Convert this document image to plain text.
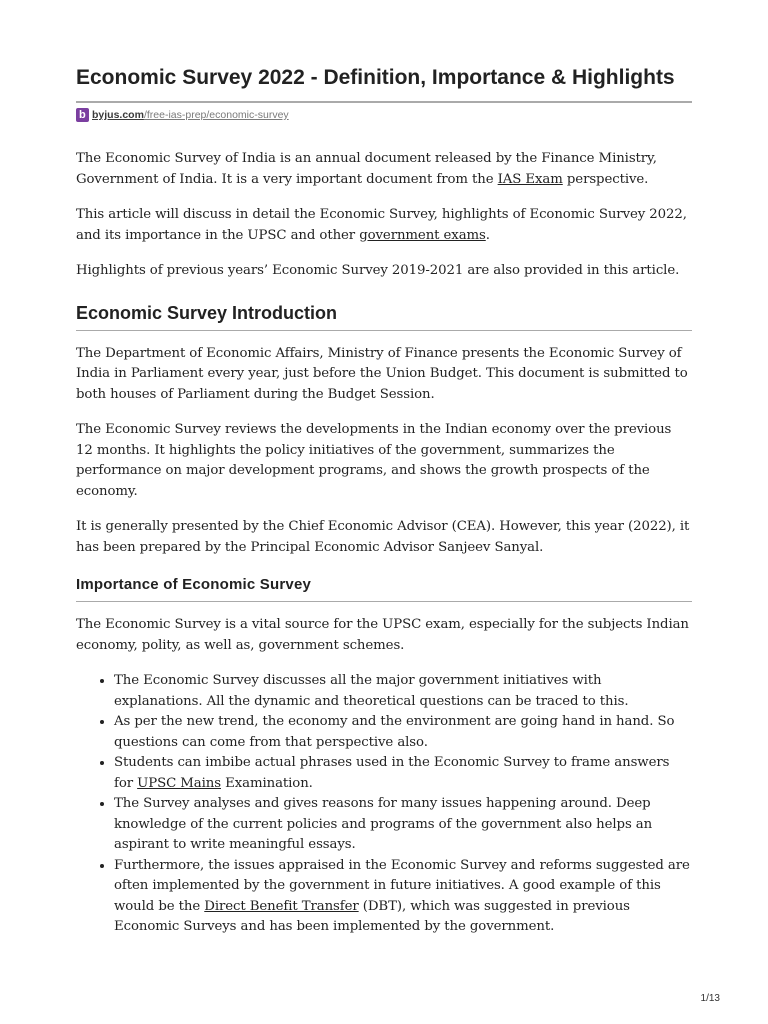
Economic Survey 2022 - Definition, Importance & Highlights
b byjus.com /free-ias-prep/economic-survey

The Economic Survey of India is an annual document released by the Finance Ministry, Government of India. It is a very important document from the IAS Exam perspective.

This article will discuss in detail the Economic Survey, highlights of Economic Survey 2022, and its importance in the UPSC and other government exams.

Highlights of previous years’ Economic Survey 2019-2021 are also provided in this article.

Economic Survey Introduction

The Department of Economic Affairs, Ministry of Finance presents the Economic Survey of India in Parliament every year, just before the Union Budget. This document is submitted to both houses of Parliament during the Budget Session.

The Economic Survey reviews the developments in the Indian economy over the previous 12 months. It highlights the policy initiatives of the government, summarizes the performance on major development programs, and shows the growth prospects of the economy.

It is generally presented by the Chief Economic Advisor (CEA). However, this year (2022), it has been prepared by the Principal Economic Advisor Sanjeev Sanyal.

Importance of Economic Survey

The Economic Survey is a vital source for the UPSC exam, especially for the subjects Indian economy, polity, as well as, government schemes.

• The Economic Survey discusses all the major government initiatives with explanations. All the dynamic and theoretical questions can be traced to this.
• As per the new trend, the economy and the environment are going hand in hand. So questions can come from that perspective also.
• Students can imbibe actual phrases used in the Economic Survey to frame answers for UPSC Mains Examination.
• The Survey analyses and gives reasons for many issues happening around. Deep knowledge of the current policies and programs of the government also helps an aspirant to write meaningful essays.
• Furthermore, the issues appraised in the Economic Survey and reforms suggested are often implemented by the government in future initiatives. A good example of this would be the Direct Benefit Transfer (DBT), which was suggested in previous Economic Surveys and has been implemented by the government.
1/13
